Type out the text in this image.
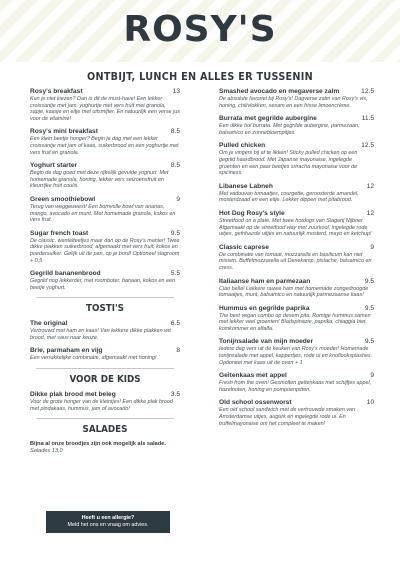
ROSY'S
ONTBIJT, LUNCH EN ALLES ER TUSSENIN
Rosy's breakfast	13
Kun je niet kiezen? Dan is dit de must-have! Een lekker croissantje met jam, yoghurtje met vers fruit met granola, sapje, kaasje en eitje met uitsmijter. En natuurlijk een verse jus voor de vitamine!
Rosy's mini breakfast	8.5
Een klein beetje honger? Begin je dag met een lekker croissantje met jam of kaas, suikerbrood en een yoghurtje met vers fruit en granola.
Yoghurt starter	8.5
Begin de dag goed met deze rijkelijk gevulde yoghurt. Met homemade granola, honing, lekker vers seizoensfruit en kleurrijke fruit coulis.
Green smoothiebowl	9
Terug van weggeweest! Een bomvolle bowl van ananas, mango, avocado en munt. Met homemade granola, kokos en vers fruit.
Sugar french toast	9.5
De classic, wentelteefjes maar dan op de Rosy's manier! Twee dikke plakken suikerbrood, afgemaakt met vers fruit, kokos en poedersuiker. Gelijk uit de pan, op je bord! Optioneel slagroom + 0,5
Gegrild bananenbrood	5.5
Gegrild nog lekkerder, met roomboter, banaan, kokos en een beetje yoghurt.
TOSTI'S
The original	6.5
Vertrouwd met ham en kaas! Van lekkere dikke plakken wit brood, met saus naar keuze.
Brie, parmaham en vijg	8
Een verrukkelijke combinatie, afgemaakt met honing!
VOOR DE KIDS
Dikke plak brood met beleg	3.5
Voor de grote honger van de kleintjes! Een dikke plak brood met pindakaas, hummus, jam of avocado!
SALADES
Bijna al onze broodjes zijn ook mogelijk als salade.
Salades 13,0
Smashed avocado en megaverse zalm	12.5
De absolute favoriet bij Rosy's! Dagverse zalm van Rosy's vis, honing, chilivlokken, sesam en een frisse limoencrème.
Burrata met gegrilde aubergine	11.5
Een dikke bol burrata. Met gegrilde aubergine, parmezaan, balsamico en zonnebloempitjes.
Pulled chicken	12.5
Om je vingers bij af te likken! Sticky pulled chicken op een gegrild haardbrood. Met Japanse mayonaise, ingelegde groenten en een paar beetjes sriracha mayonaise voor de spiciness.
Libanese Labneh	12
Met vadouvan tomaatjes, courgette, geroosterde amandel, mosterdzaad en een eitje. Lekker dippen met pitabrood.
Hot Dog Rosy's style	12
Streetfood on a plate. Met twee hotdogs van Slagerij Nijboer. Afgemaakt op de streetfood way met zuurkool, ingelegde rode uitjes, gefrituurde uitjes en natuurlijk mosterd, mayo en ketchup!
Classic caprese	9
De combinatie van tomaat, mozzarella en basilicum kan niet missen. Buffelmozzarella uit Denekamp, pistache, balsamico en cress.
Italiaanse ham en parmezaan	9.5
Ciao bella! Lekkere rauwe ham met homemade zongedroogde tomaatjes, munt, balsamico en natuurlijk parmezaanse kaas!
Hummus en gegrilde paprika	9.5
The best vegan combo op desem pita. Romige hummus samen met lekker veel groenten! Bladspinazie, paprika, chiaggia biet, komkommer en alfalfa.
Tonijnsalade van mijn moeder	9.5
Iedere dag vers uit de keuken van Rosy's moeder! Homemade tonijnsalade met appel, kappertjes, rode ui en knoflooksplashes. Optioneel met kaas uit de oven + 1
Geitenkaas met appel	9
Fresh from the oven! Gesmolten geitenkaas met schijfjes appel, hazelnoten, honing en pompoenpitten.
Old school ossenworst	10
Een old school sandwich met de vertrouwde smaken van Amsterdamse uitjes, augurk en ingelegde rode ui. En truffelmayonaise om het compleet te maken!
Heeft u een allergie?
Meld het ons en vraag om advies.
